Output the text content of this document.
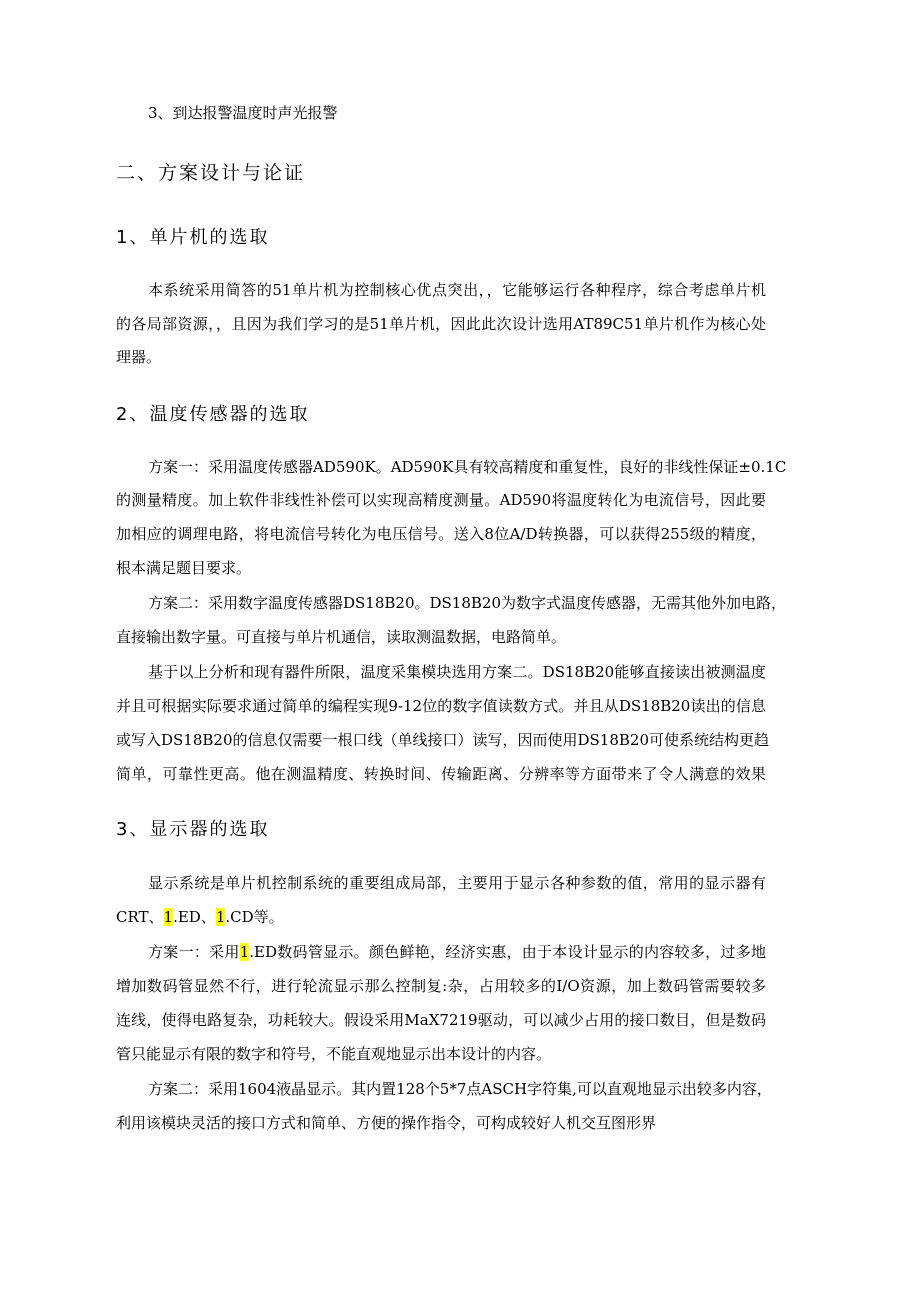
3、到达报警温度时声光报警
二、方案设计与论证
1、单片机的选取
本系统采用简答的51单片机为控制核心优点突出，，它能够运行各种程序，综合考虑单片机
的各局部资源，，且因为我们学习的是51单片机，因此此次设计选用AT89C51单片机作为核心处
理器。
2、温度传感器的选取
方案一：采用温度传感器AD590K。AD590K具有较高精度和重复性，良好的非线性保证±0.1C
的测量精度。加上软件非线性补偿可以实现高精度测量。AD590将温度转化为电流信号，因此要
加相应的调理电路，将电流信号转化为电压信号。送入8位A/D转换器，可以获得255级的精度，
根本满足题目要求。
方案二：采用数字温度传感器DS18B20。DS18B20为数字式温度传感器，无需其他外加电路，
直接输出数字量。可直接与单片机通信，读取测温数据，电路简单。
基于以上分析和现有器件所限，温度采集模块选用方案二。DS18B20能够直接读出被测温度
并且可根据实际要求通过简单的编程实现9-12位的数字值读数方式。并且从DS18B20读出的信息
或写入DS18B20的信息仅需要一根口线（单线接口）读写，因而使用DS18B20可使系统结构更趋
简单，可靠性更高。他在测温精度、转换时间、传输距离、分辨率等方面带来了令人满意的效果
3、显示器的选取
显示系统是单片机控制系统的重要组成局部，主要用于显示各种参数的值，常用的显示器有
CRT、1.ED、1.CD等。
方案一：采用1.ED数码管显示。颜色鲜艳，经济实惠，由于本设计显示的内容较多，过多地
增加数码管显然不行，进行轮流显示那么控制复:杂，占用较多的I/O资源，加上数码管需要较多
连线，使得电路复杂，功耗较大。假设采用MaX7219驱动，可以减少占用的接口数目，但是数码
管只能显示有限的数字和符号，不能直观地显示出本设计的内容。
方案二：采用1604液晶显示。其内置128个5*7点ASCH字符集,可以直观地显示出较多内容，
利用该模块灵活的接口方式和简单、方便的操作指令，可构成较好人机交互图形界
